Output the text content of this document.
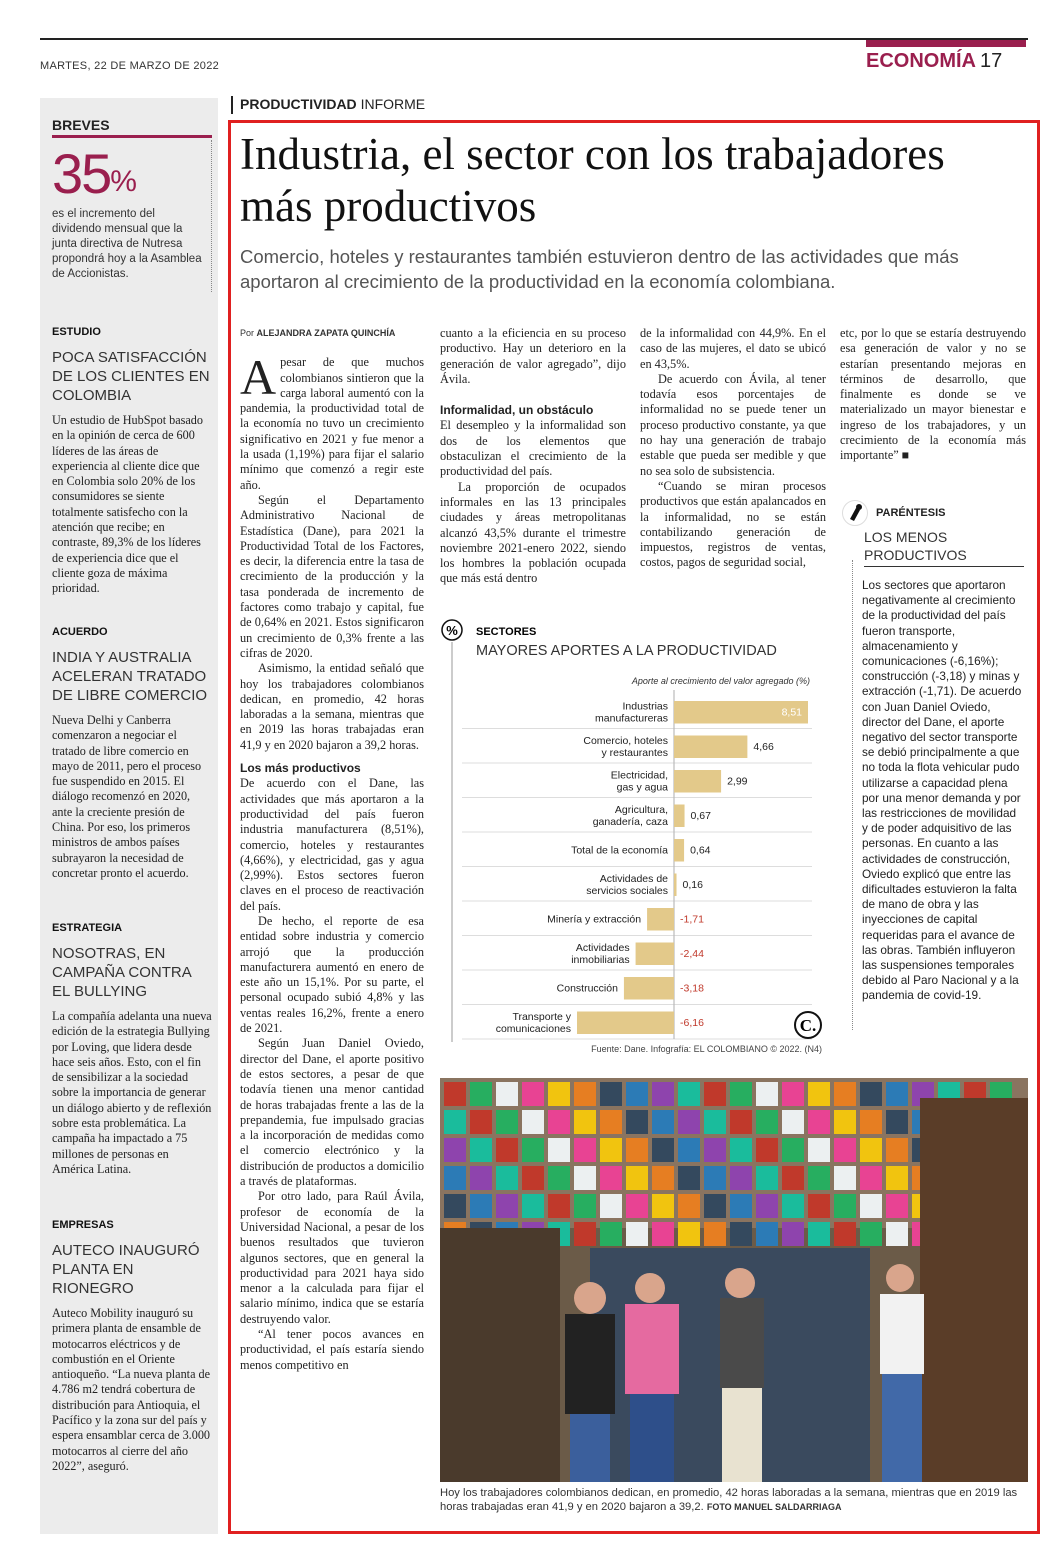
MARTES, 22 DE MARZO DE 2022	ECONOMÍA 17
BREVES
35%
es el incremento del dividendo mensual que la junta directiva de Nutresa propondrá hoy a la Asamblea de Accionistas.
ESTUDIO
POCA SATISFACCIÓN DE LOS CLIENTES EN COLOMBIA
Un estudio de HubSpot basado en la opinión de cerca de 600 líderes de las áreas de experiencia al cliente dice que en Colombia solo 20% de los consumidores se siente totalmente satisfecho con la atención que recibe; en contraste, 89,3% de los líderes de experiencia dice que el cliente goza de máxima prioridad.
ACUERDO
INDIA Y AUSTRALIA ACELERAN TRATADO DE LIBRE COMERCIO
Nueva Delhi y Canberra comenzaron a negociar el tratado de libre comercio en mayo de 2011, pero el proceso fue suspendido en 2015. El diálogo recomenzó en 2020, ante la creciente presión de China. Por eso, los primeros ministros de ambos países subrayaron la necesidad de concretar pronto el acuerdo.
ESTRATEGIA
NOSOTRAS, EN CAMPAÑA CONTRA EL BULLYING
La compañía adelanta una nueva edición de la estrategia Bullying por Loving, que lidera desde hace seis años. Esto, con el fin de sensibilizar a la sociedad sobre la importancia de generar un diálogo abierto y de reflexión sobre esta problemática. La campaña ha impactado a 75 millones de personas en América Latina.
EMPRESAS
AUTECO INAUGURÓ PLANTA EN RIONEGRO
Auteco Mobility inauguró su primera planta de ensamble de motocarros eléctricos y de combustión en el Oriente antioqueño. “La nueva planta de 4.786 m2 tendrá cobertura de distribución para Antioquia, el Pacífico y la zona sur del país y espera ensamblar cerca de 3.000 motocarros al cierre del año 2022”, aseguró.
PRODUCTIVIDAD INFORME
Industria, el sector con los trabajadores más productivos
Comercio, hoteles y restaurantes también estuvieron dentro de las actividades que más aportaron al crecimiento de la productividad en la economía colombiana.
Por ALEJANDRA ZAPATA QUINCHÍA

Apesar de que muchos colombianos sintieron que la carga laboral aumentó con la pandemia, la productividad total de la economía no tuvo un crecimiento significativo en 2021 y fue menor a la usada (1,19%) para fijar el salario mínimo que comenzó a regir este año.

Según el Departamento Administrativo Nacional de Estadística (Dane), para 2021 la Productividad Total de los Factores, es decir, la diferencia entre la tasa de crecimiento de la producción y la tasa ponderada de incremento de factores como trabajo y capital, fue de 0,64% en 2021. Estos significaron un crecimiento de 0,3% frente a las cifras de 2020.

Asimismo, la entidad señaló que hoy los trabajadores colombianos dedican, en promedio, 42 horas laboradas a la semana, mientras que en 2019 las horas trabajadas eran 41,9 y en 2020 bajaron a 39,2 horas.

Los más productivos

De acuerdo con el Dane, las actividades que más aportaron a la productividad del país fueron industria manufacturera (8,51%), comercio, hoteles y restaurantes (4,66%), y electricidad, gas y agua (2,99%). Estos sectores fueron claves en el proceso de reactivación del país.

De hecho, el reporte de esa entidad sobre industria y comercio arrojó que la producción manufacturera aumentó en enero de este año un 15,1%. Por su parte, el personal ocupado subió 4,8% y las ventas reales 16,2%, frente a enero de 2021.

Según Juan Daniel Oviedo, director del Dane, el aporte positivo de estos sectores, a pesar de que todavía tienen una menor cantidad de horas trabajadas frente a las de la prepandemia, fue impulsado gracias a la incorporación de medidas como el comercio electrónico y la distribución de productos a domicilio a través de plataformas.

Por otro lado, para Raúl Ávila, profesor de economía de la Universidad Nacional, a pesar de los buenos resultados que tuvieron algunos sectores, que en general la productividad para 2021 haya sido menor a la calculada para fijar el salario mínimo, indica que se estaría destruyendo valor.

“Al tener pocos avances en productividad, el país estaría siendo menos competitivo en

cuanto a la eficiencia en su proceso productivo. Hay un deterioro en la generación de valor agregado”, dijo Ávila.

Informalidad, un obstáculo

El desempleo y la informalidad son dos de los elementos que obstaculizan el crecimiento de la productividad del país.

La proporción de ocupados informales en las 13 principales ciudades y áreas metropolitanas alcanzó 43,5% durante el trimestre noviembre 2021-enero 2022, siendo los hombres la población ocupada que más está dentro

de la informalidad con 44,9%. En el caso de las mujeres, el dato se ubicó en 43,5%.

De acuerdo con Ávila, al tener todavía esos porcentajes de informalidad no se puede tener un proceso productivo constante, ya que no hay una generación de trabajo estable que pueda ser medible y que no sea solo de subsistencia.

“Cuando se miran procesos productivos que están apalancados en la informalidad, no se están contabilizando generación de impuestos, registros de ventas, costos, pagos de seguridad social,

etc, por lo que se estaría destruyendo esa generación de valor y no se estarían presentando mejoras en términos de desarrollo, que finalmente es donde se ve materializado un mayor bienestar e ingreso de los trabajadores, y un crecimiento de la economía más importante” ■

PARÉNTESIS
LOS MENOS PRODUCTIVOS
Los sectores que aportaron negativamente al crecimiento de la productividad del país fueron transporte, almacenamiento y comunicaciones (-6,16%); construcción (-3,18) y minas y extracción (-1,71). De acuerdo con Juan Daniel Oviedo, director del Dane, el aporte negativo del sector transporte se debió principalmente a que no toda la flota vehicular pudo utilizarse a capacidad plena por una menor demanda y por las restricciones de movilidad y de poder adquisitivo de las personas. En cuanto a las actividades de construcción, Oviedo explicó que entre las dificultades estuvieron la falta de mano de obra y las inyecciones de capital requeridas para el avance de las obras. También influyeron las suspensiones temporales debido al Paro Nacional y a la pandemia de covid-19.
% SECTORES
MAYORES APORTES A LA PRODUCTIVIDAD
Aporte al crecimiento del valor agregado (%)
Industrias manufactureras	8,51
Comercio, hoteles y restaurantes	4,66
Electricidad, gas y agua	2,99
Agricultura, ganadería, caza 0,67
Total de la economía 0,64
Actividades de servicios sociales 0,16
Minería y extracción	-1,71
Actividades inmobiliarias	-2,44
Construcción	-3,18
Transporte y comunicaciones	-6,16	C.
Fuente: Dane. Infografía: EL COLOMBIANO © 2022. (N4)
Hoy los trabajadores colombianos dedican, en promedio, 42 horas laboradas a la semana, mientras que en 2019 las horas trabajadas eran 41,9 y en 2020 bajaron a 39,2. FOTO MANUEL SALDARRIAGA
